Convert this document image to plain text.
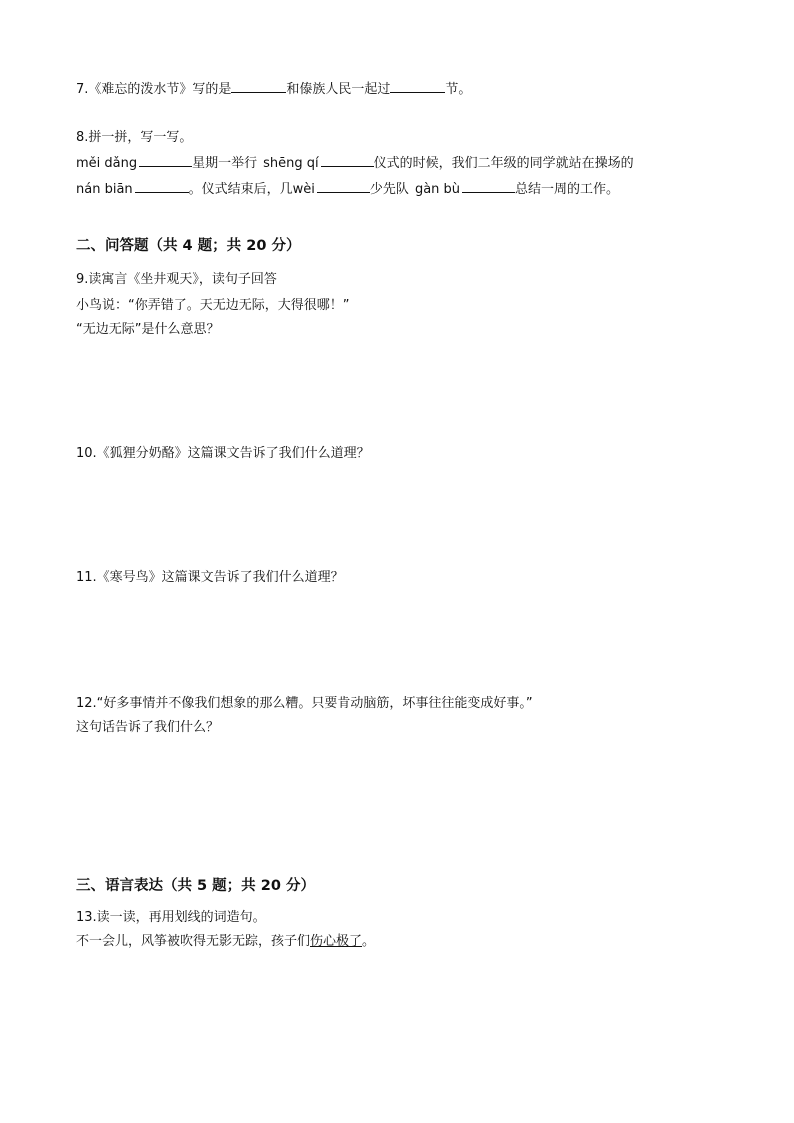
7.《难忘的泼水节》写的是	和傣族人民一起过	节。
8.拼一拼，写一写。
měi dǎng	星期一举行 shēng qí	仪式的时候，我们二年级的同学就站在操场的
nán biān	。仪式结束后，几wèi	少先队 gàn bù	总结一周的工作。
二、问答题（共 4 题；共 20 分）
9.读寓言《坐井观天》，读句子回答
小鸟说：“你弄错了。天无边无际，大得很哪！”
“无边无际”是什么意思？
10.《狐狸分奶酪》这篇课文告诉了我们什么道理？
11.《寒号鸟》这篇课文告诉了我们什么道理？
12.“好多事情并不像我们想象的那么糟。只要肯动脑筋，坏事往往能变成好事。”
这句话告诉了我们什么？
三、语言表达（共 5 题；共 20 分）
13.读一读，再用划线的词造句。
不一会儿，风筝被吹得无影无踪，孩子们伤心极了。
